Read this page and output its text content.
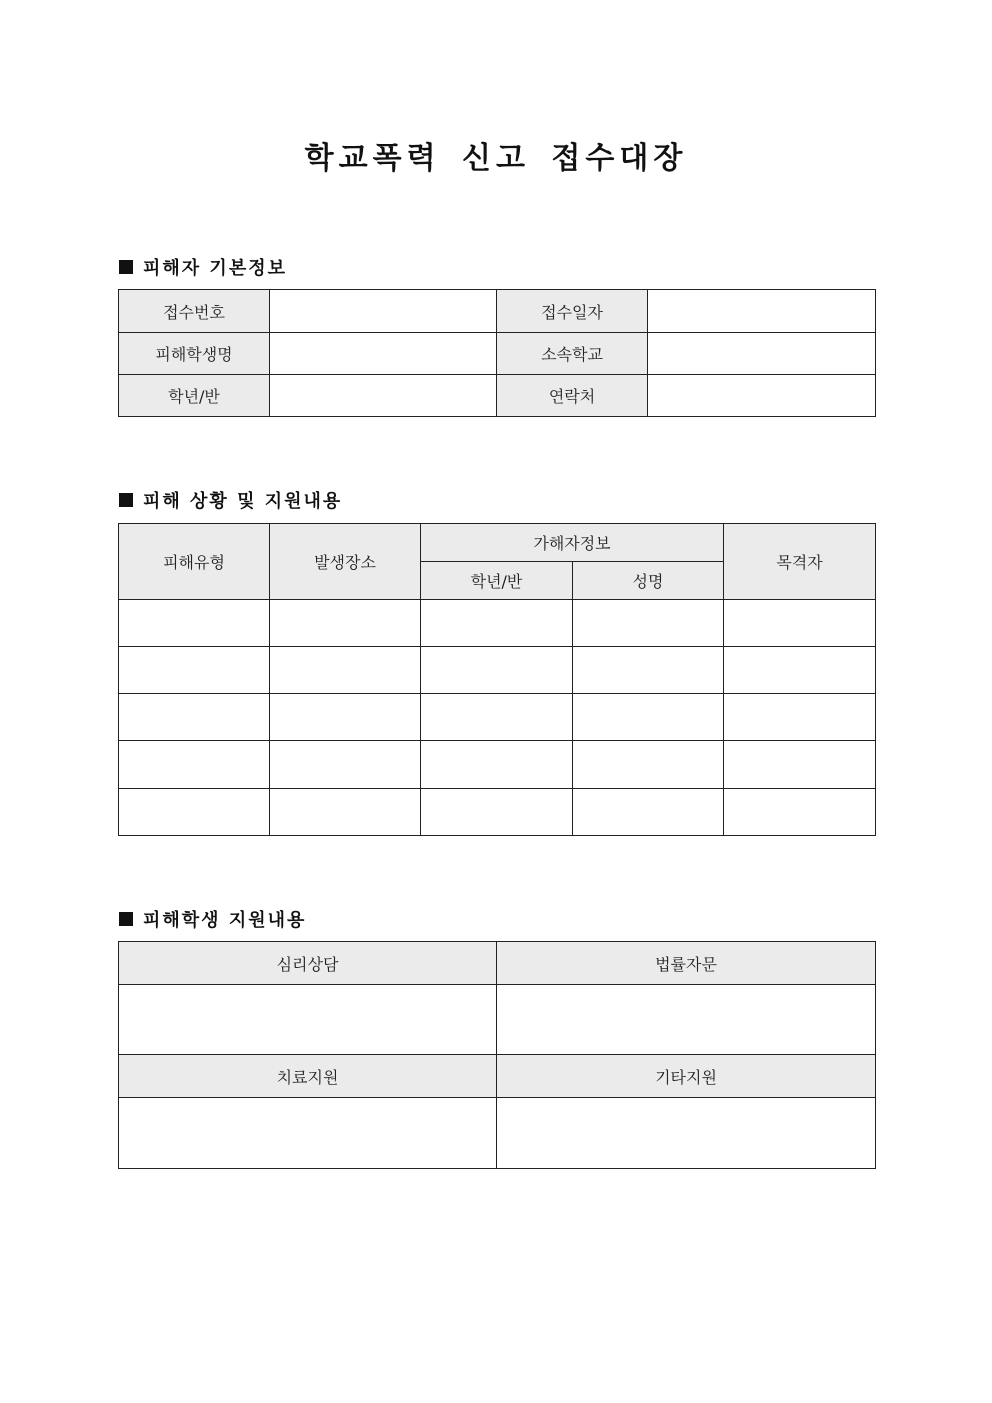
학교폭력 신고 접수대장
피해자 기본정보
접수번호		접수일자	
피해학생명		소속학교	
학년/반		연락처	
피해 상황 및 지원내용
피해유형	발생장소	가해자정보		목격자
		학년/반	성명	

피해학생 지원내용
심리상담	법률자문

치료지원	기타지원
